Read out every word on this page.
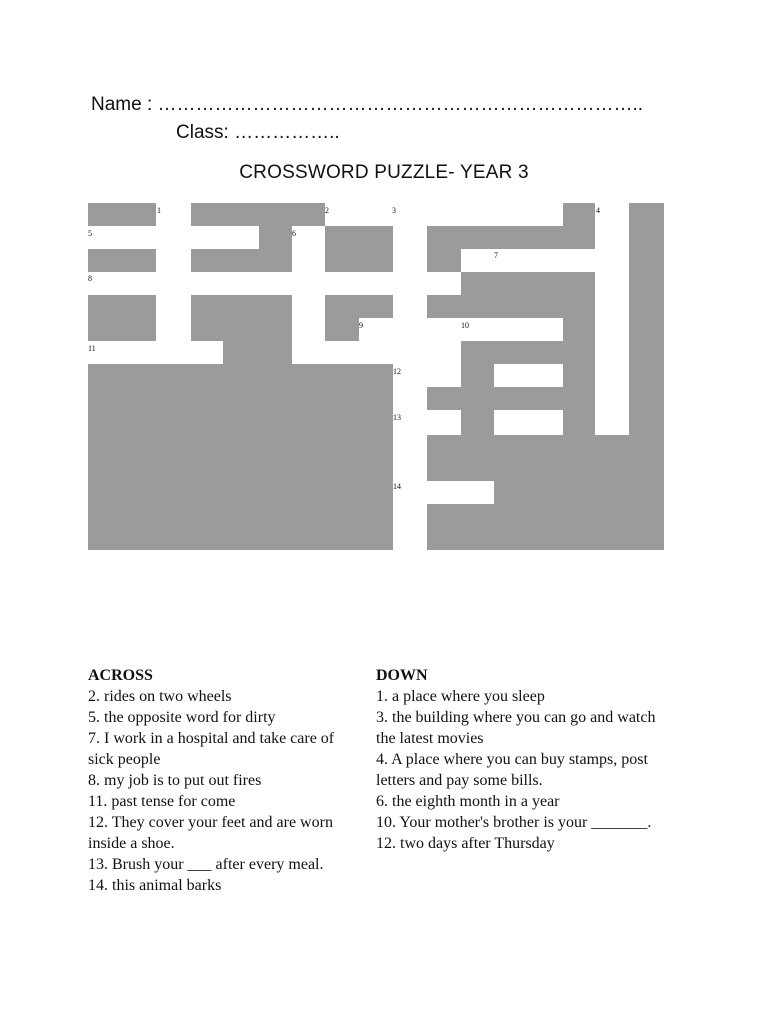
Name : …………………………………………………………………..
Class: ……………..
CROSSWORD PUZZLE- YEAR 3
1	2	3	4
5	6
7
8
9	10
11
12
13
14
ACROSS
2. rides on two wheels
5. the opposite word for dirty
7. I work in a hospital and take care of sick people
8. my job is to put out fires
11. past tense for come
12. They cover your feet and are worn inside a shoe.
13. Brush your ___ after every meal.
14. this animal barks
DOWN
1. a place where you sleep
3. the building where you can go and watch the latest movies
4. A place where you can buy stamps, post letters and pay some bills.
6. the eighth month in a year
10. Your mother's brother is your _______.
12. two days after Thursday
